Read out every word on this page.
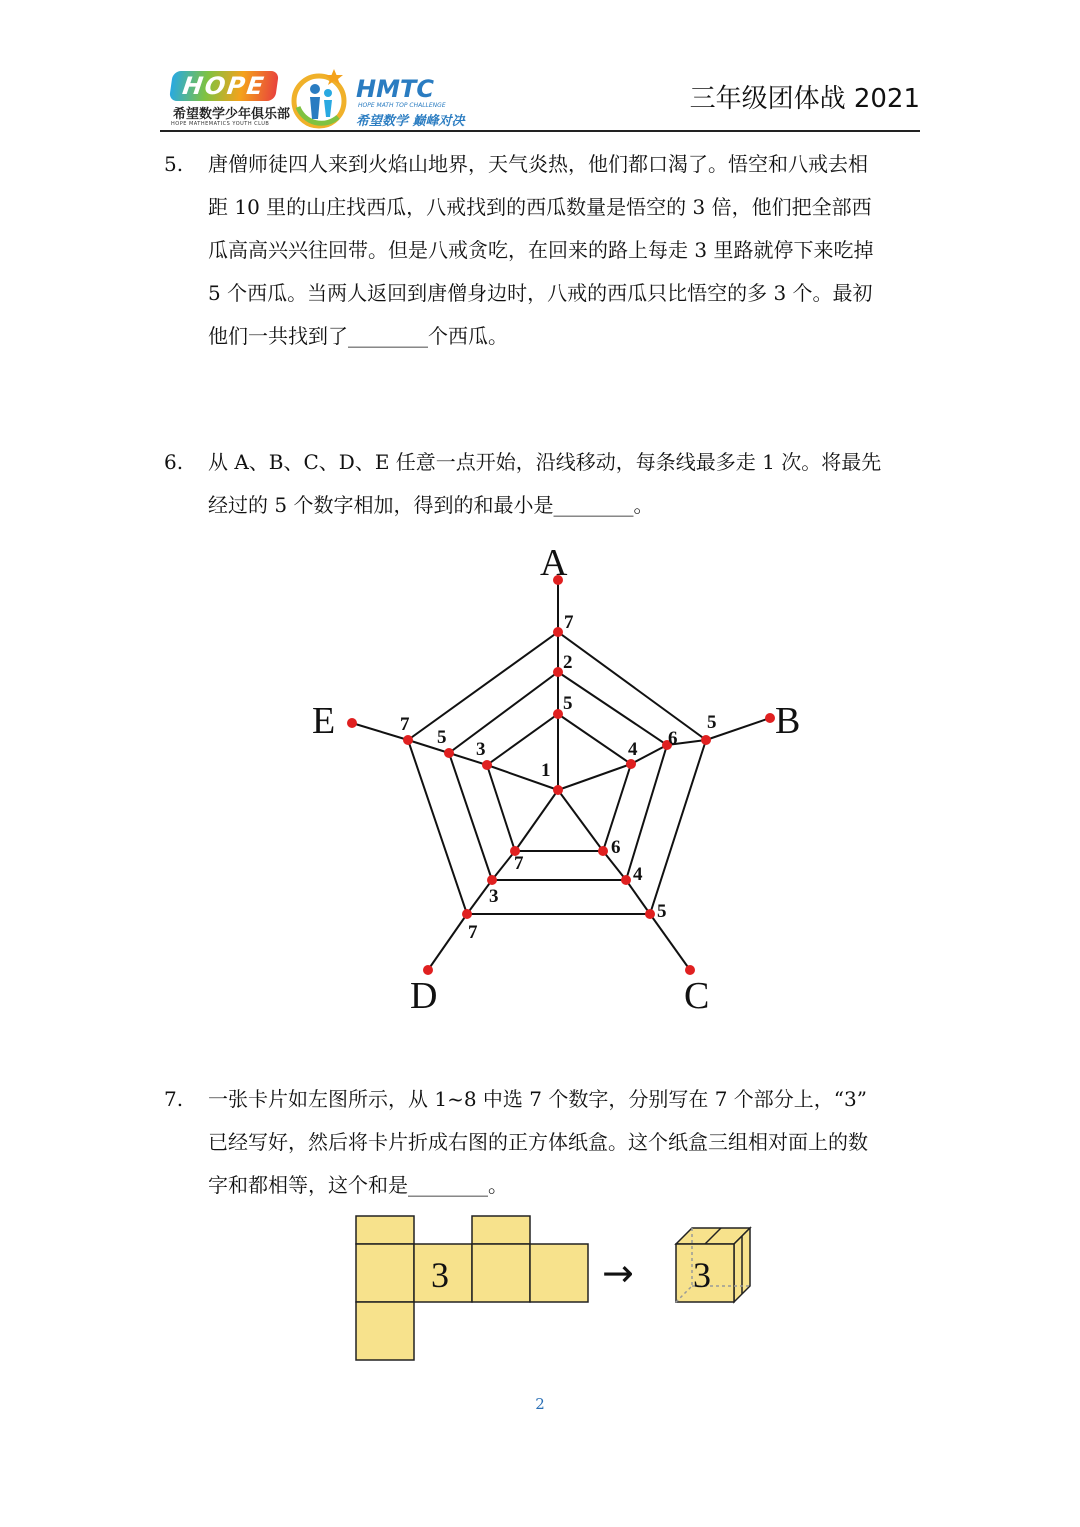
HOPE
希望数学少年俱乐部
HOPE MATHEMATICS YOUTH CLUB
HMTC
HOPE MATH TOP CHALLENGE
希望数学 巅峰对决
三年级团体战 2021
5. 唐僧师徒四人来到火焰山地界，天气炎热，他们都口渴了。悟空和八戒去相
距 10 里的山庄找西瓜，八戒找到的西瓜数量是悟空的 3 倍，他们把全部西
瓜高高兴兴往回带。但是八戒贪吃，在回来的路上每走 3 里路就停下来吃掉
5 个西瓜。当两人返回到唐僧身边时，八戒的西瓜只比悟空的多 3 个。最初
他们一共找到了________个西瓜。
6. 从 A、B、C、D、E 任意一点开始，沿线移动，每条线最多走 1 次。将最先
经过的 5 个数字相加，得到的和最小是________。
A
B
C
D
E
1
7
2
5
5
6
4
7
5
3
6
7
4
3
5
7
7. 一张卡片如左图所示，从 1~8 中选 7 个数字，分别写在 7 个部分上，“3”
已经写好，然后将卡片折成右图的正方体纸盒。这个纸盒三组相对面上的数
字和都相等，这个和是________。
3	→ 3
2
